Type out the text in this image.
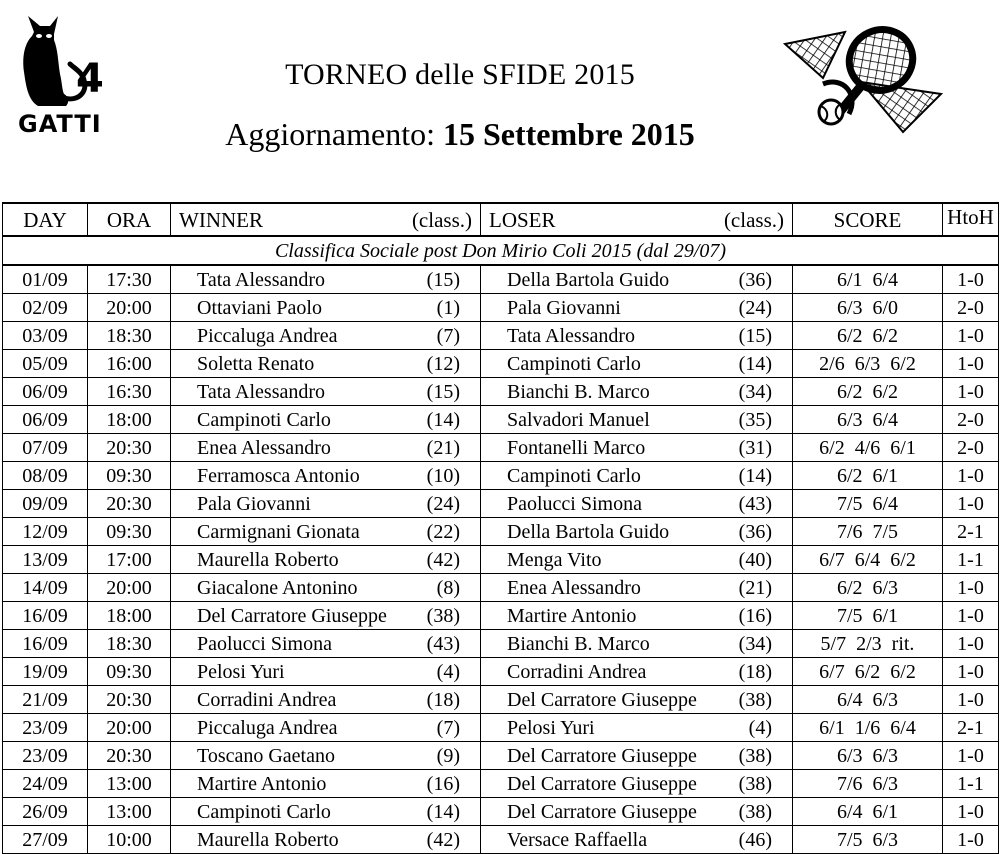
4
GATTI
TORNEO delle SFIDE 2015
Aggiornamento: 15 Settembre 2015
DAY	ORA	WINNER	(class.)	LOSER	(class.)	SCORE	HtoH
Classifica Sociale post Don Mirio Coli 2015 (dal 29/07)							
01/09	17:30	Tata Alessandro	(15)	Della Bartola Guido	(36)	6/1  6/4	1-0
02/09	20:00	Ottaviani Paolo	(1)	Pala Giovanni	(24)	6/3  6/0	2-0
03/09	18:30	Piccaluga Andrea	(7)	Tata Alessandro	(15)	6/2  6/2	1-0
05/09	16:00	Soletta Renato	(12)	Campinoti Carlo	(14)	2/6  6/3  6/2	1-0
06/09	16:30	Tata Alessandro	(15)	Bianchi B. Marco	(34)	6/2  6/2	1-0
06/09	18:00	Campinoti Carlo	(14)	Salvadori Manuel	(35)	6/3  6/4	2-0
07/09	20:30	Enea Alessandro	(21)	Fontanelli Marco	(31)	6/2  4/6  6/1	2-0
08/09	09:30	Ferramosca Antonio	(10)	Campinoti Carlo	(14)	6/2  6/1	1-0
09/09	20:30	Pala Giovanni	(24)	Paolucci Simona	(43)	7/5  6/4	1-0
12/09	09:30	Carmignani Gionata	(22)	Della Bartola Guido	(36)	7/6  7/5	2-1
13/09	17:00	Maurella Roberto	(42)	Menga Vito	(40)	6/7  6/4  6/2	1-1
14/09	20:00	Giacalone Antonino	(8)	Enea Alessandro	(21)	6/2  6/3	1-0
16/09	18:00	Del Carratore Giuseppe	(38)	Martire Antonio	(16)	7/5  6/1	1-0
16/09	18:30	Paolucci Simona	(43)	Bianchi B. Marco	(34)	5/7  2/3  rit.	1-0
19/09	09:30	Pelosi Yuri	(4)	Corradini Andrea	(18)	6/7  6/2  6/2	1-0
21/09	20:30	Corradini Andrea	(18)	Del Carratore Giuseppe	(38)	6/4  6/3	1-0
23/09	20:00	Piccaluga Andrea	(7)	Pelosi Yuri	(4)	6/1  1/6  6/4	2-1
23/09	20:30	Toscano Gaetano	(9)	Del Carratore Giuseppe	(38)	6/3  6/3	1-0
24/09	13:00	Martire Antonio	(16)	Del Carratore Giuseppe	(38)	7/6  6/3	1-1
26/09	13:00	Campinoti Carlo	(14)	Del Carratore Giuseppe	(38)	6/4  6/1	1-0
27/09	10:00	Maurella Roberto	(42)	Versace Raffaella	(46)	7/5  6/3	1-0
